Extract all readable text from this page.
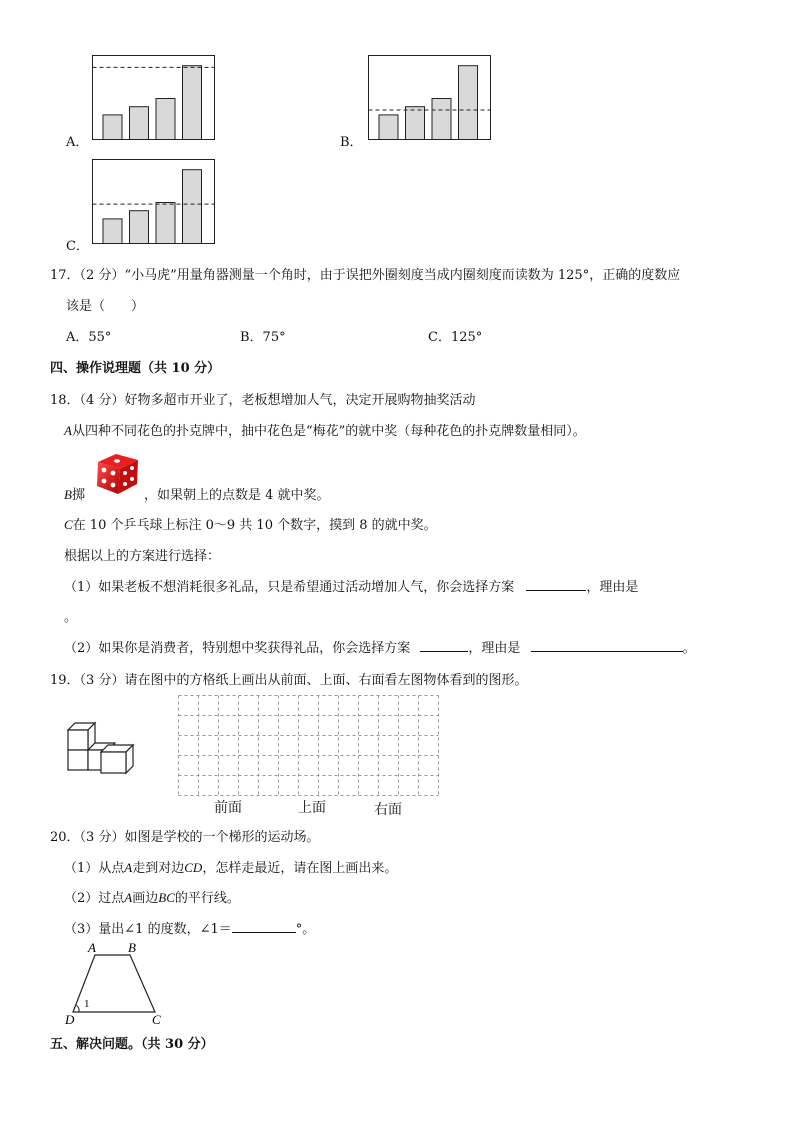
A．	B．
C．
17．（2 分）“小马虎”用量角器测量一个角时，由于误把外圈刻度当成内圈刻度而读数为 125°，正确的度数应
该是（　　）
A．55°	B．75°	C．125°
四、操作说理题（共 10 分）
18．（4 分）好物多超市开业了，老板想增加人气，决定开展购物抽奖活动
A从四种不同花色的扑克牌中，抽中花色是“梅花”的就中奖（每种花色的扑克牌数量相同）。
B掷	，如果朝上的点数是 4 就中奖。
C在 10 个乒乓球上标注 0～9 共 10 个数字，摸到 8 的就中奖。
根据以上的方案进行选择：
（1）如果老板不想消耗很多礼品，只是希望通过活动增加人气，你会选择方案	，理由是
。
（2）如果你是消费者，特别想中奖获得礼品，你会选择方案	，理由是	。
19．（3 分）请在图中的方格纸上画出从前面、上面、右面看左图物体看到的图形。
前面	上面	右面
20．（3 分）如图是学校的一个梯形的运动场。
（1）从点A走到对边CD，怎样走最近，请在图上画出来。
（2）过点A画边BC的平行线。
（3）量出∠1 的度数，∠1＝	°。
A B
C
D
1
五、解决问题。（共 30 分）
